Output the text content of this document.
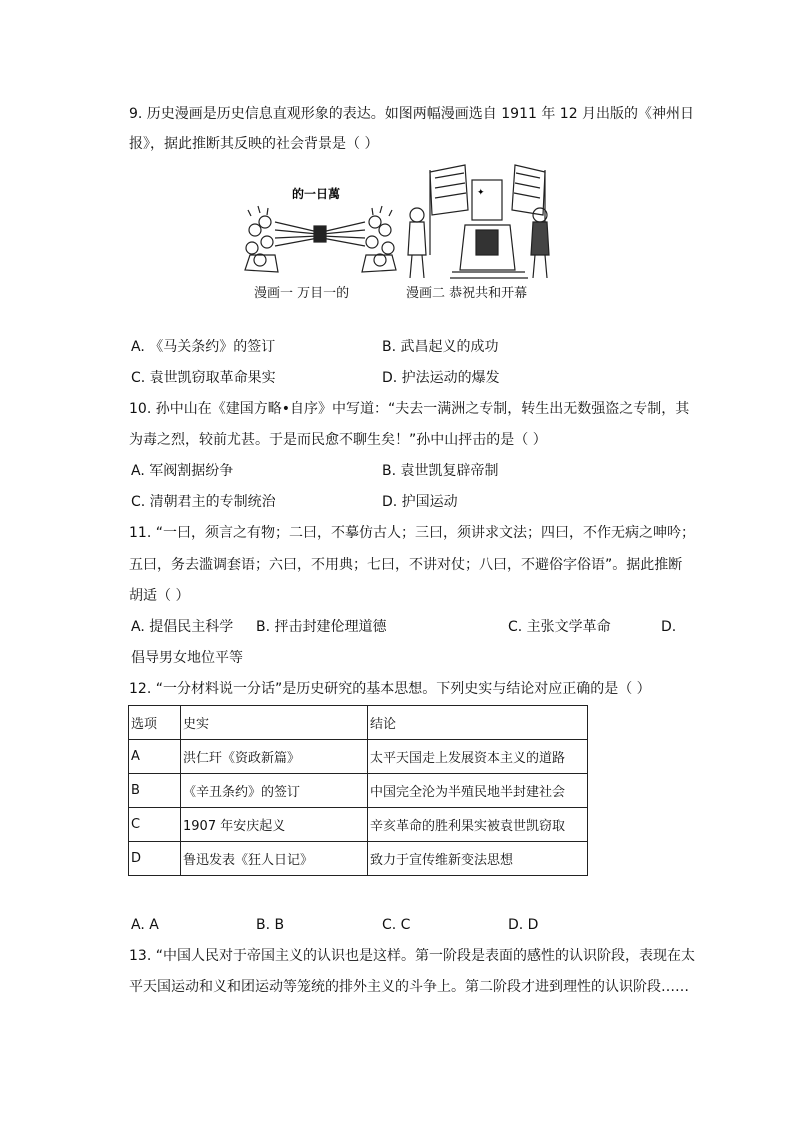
9. 历史漫画是历史信息直观形象的表达。如图两幅漫画选自 1911 年 12 月出版的《神州日
报》，据此推断其反映的社会背景是（ ）
的一日萬	✦
漫画一 万目一的	漫画二 恭祝共和开幕
A. 《马关条约》的签订	B. 武昌起义的成功
C. 袁世凯窃取革命果实	D. 护法运动的爆发
10. 孙中山在《建国方略•自序》中写道：“夫去一满洲之专制，转生出无数强盗之专制，其
为毒之烈，较前尤甚。于是而民愈不聊生矣！”孙中山抨击的是（ ）
A. 军阀割据纷争	B. 袁世凯复辟帝制
C. 清朝君主的专制统治	D. 护国运动
11. “一曰，须言之有物；二曰，不摹仿古人；三曰，须讲求文法；四曰，不作无病之呻吟；
五曰，务去滥调套语；六曰，不用典；七曰，不讲对仗；八曰，不避俗字俗语”。据此推断
胡适（ ）
A. 提倡民主科学 B. 抨击封建伦理道德	C. 主张文学革命	D.
倡导男女地位平等
12. “一分材料说一分话”是历史研究的基本思想。下列史实与结论对应正确的是（ ）
选项	史实	结论
A	洪仁玕《资政新篇》	太平天国走上发展资本主义的道路
B	《辛丑条约》的签订	中国完全沦为半殖民地半封建社会
C	1907 年安庆起义	辛亥革命的胜利果实被袁世凯窃取
D	鲁迅发表《狂人日记》	致力于宣传维新变法思想
A. A	B. B	C. C	D. D
13. “中国人民对于帝国主义的认识也是这样。第一阶段是表面的感性的认识阶段，表现在太
平天国运动和义和团运动等笼统的排外主义的斗争上。第二阶段才进到理性的认识阶段……
